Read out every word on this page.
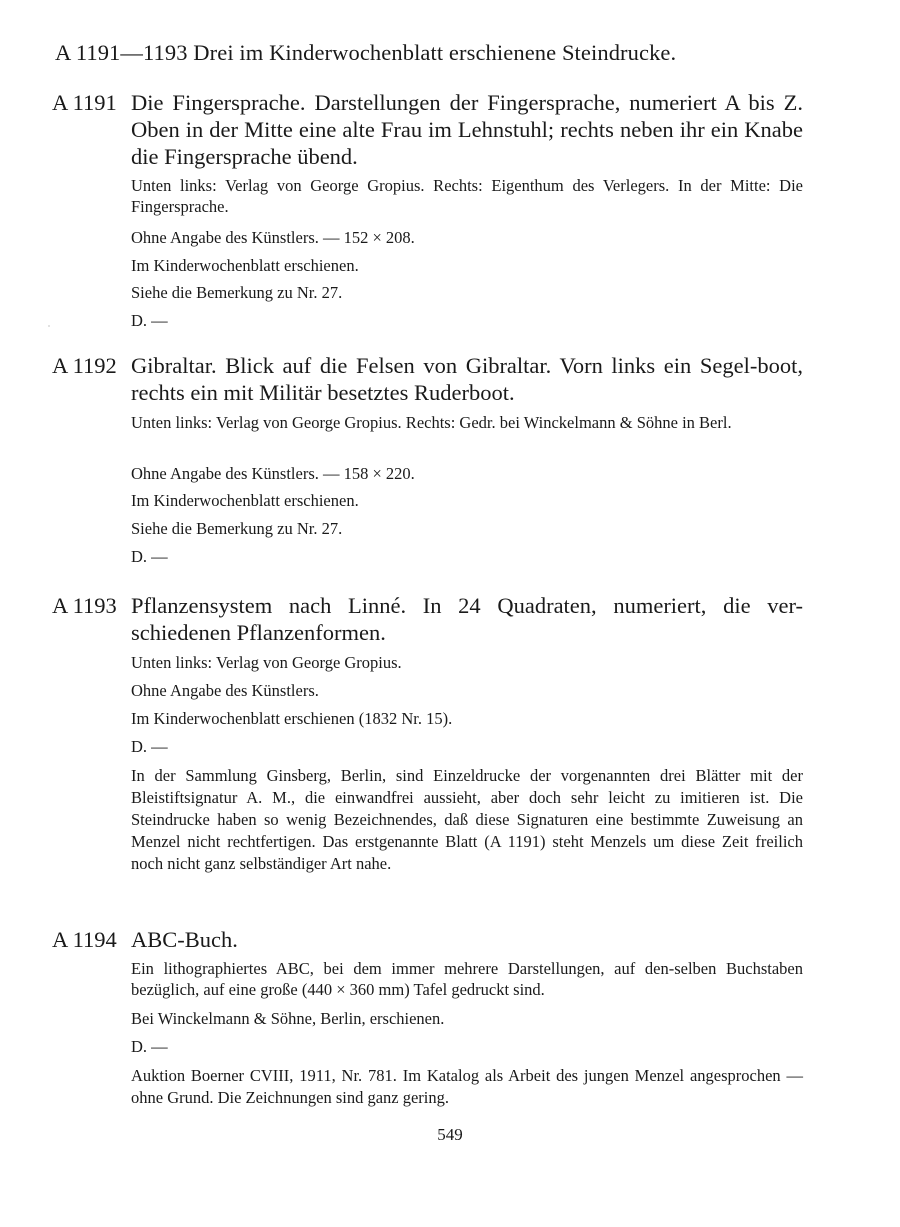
A 1191—1193 Drei im Kinderwochenblatt erschienene Steindrucke.
A 1191 Die Fingersprache. Darstellungen der Fingersprache, numeriert A bis Z. Oben in der Mitte eine alte Frau im Lehnstuhl; rechts neben ihr ein Knabe die Fingersprache übend.
Unten links: Verlag von George Gropius. Rechts: Eigenthum des Verlegers. In der Mitte: Die Fingersprache.
Ohne Angabe des Künstlers. — 152 × 208.
Im Kinderwochenblatt erschienen.
Siehe die Bemerkung zu Nr. 27.
D. —
A 1192 Gibraltar. Blick auf die Felsen von Gibraltar. Vorn links ein Segel-boot, rechts ein mit Militär besetztes Ruderboot.
Unten links: Verlag von George Gropius. Rechts: Gedr. bei Winckelmann & Söhne in Berl.
Ohne Angabe des Künstlers. — 158 × 220.
Im Kinderwochenblatt erschienen.
Siehe die Bemerkung zu Nr. 27.
D. —
A 1193 Pflanzensystem nach Linné. In 24 Quadraten, numeriert, die ver-schiedenen Pflanzenformen.
Unten links: Verlag von George Gropius.
Ohne Angabe des Künstlers.
Im Kinderwochenblatt erschienen (1832 Nr. 15).
D. —
In der Sammlung Ginsberg, Berlin, sind Einzeldrucke der vorgenannten drei Blätter mit der Bleistiftsignatur A. M., die einwandfrei aussieht, aber doch sehr leicht zu imitieren ist. Die Steindrucke haben so wenig Bezeichnendes, daß diese Signaturen eine bestimmte Zuweisung an Menzel nicht rechtfertigen. Das erstgenannte Blatt (A 1191) steht Menzels um diese Zeit freilich noch nicht ganz selbständiger Art nahe.
A 1194 ABC-Buch.
Ein lithographiertes ABC, bei dem immer mehrere Darstellungen, auf den-selben Buchstaben bezüglich, auf eine große (440 × 360 mm) Tafel gedruckt sind.
Bei Winckelmann & Söhne, Berlin, erschienen.
D. —
Auktion Boerner CVIII, 1911, Nr. 781. Im Katalog als Arbeit des jungen Menzel angesprochen — ohne Grund. Die Zeichnungen sind ganz gering.
549
